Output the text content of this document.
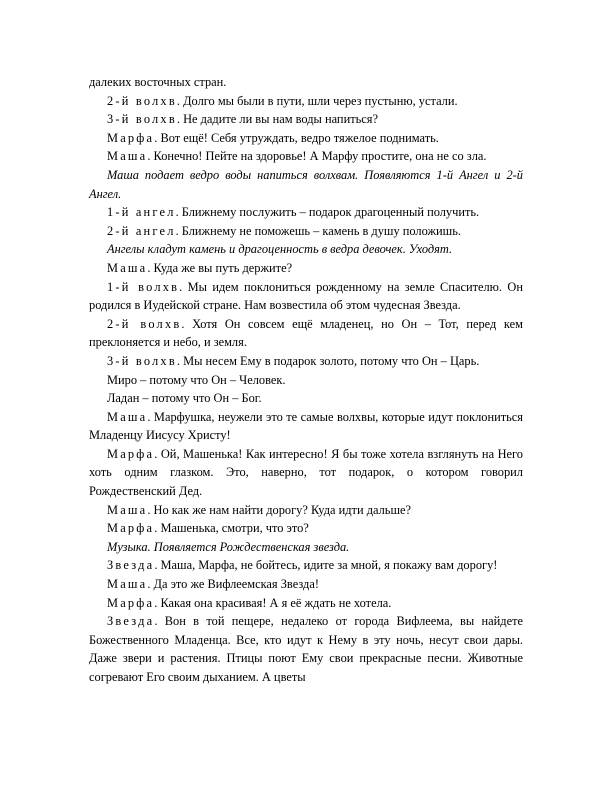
далеких восточных стран.

2-й волхв. Долго мы были в пути, шли через пустыню, устали.

3-й волхв. Не дадите ли вы нам воды напиться?

Марфа. Вот ещё! Себя утруждать, ведро тяжелое поднимать.

Маша. Конечно! Пейте на здоровье! А Марфу простите, она не со зла.

Маша подает ведро воды напиться волхвам. Появляются 1-й Ангел и 2-й Ангел.

1-й ангел. Ближнему послужить – подарок драгоценный получить.

2-й ангел. Ближнему не поможешь – камень в душу положишь.

Ангелы кладут камень и драгоценность в ведра девочек. Уходят.

Маша. Куда же вы путь держите?

1-й волхв. Мы идем поклониться рожденному на земле Спасителю. Он родился в Иудейской стране. Нам возвестила об этом чудесная Звезда.

2-й волхв. Хотя Он совсем ещё младенец, но Он – Тот, перед кем преклоняется и небо, и земля.

3-й волхв. Мы несем Ему в подарок золото, потому что Он – Царь.

Миро – потому что Он – Человек.

Ладан – потому что Он – Бог.

Маша. Марфушка, неужели это те самые волхвы, которые идут поклониться Младенцу Иисусу Христу!

Марфа. Ой, Машенька! Как интересно! Я бы тоже хотела взглянуть на Него хоть одним глазком. Это, наверно, тот подарок, о котором говорил Рождественский Дед.

Маша. Но как же нам найти дорогу? Куда идти дальше?

Марфа. Машенька, смотри, что это?

Музыка. Появляется Рождественская звезда.

Звезда. Маша, Марфа, не бойтесь, идите за мной, я покажу вам дорогу!

Маша. Да это же Вифлеемская Звезда!

Марфа. Какая она красивая! А я её ждать не хотела.

Звезда. Вон в той пещере, недалеко от города Вифлеема, вы найдете Божественного Младенца. Все, кто идут к Нему в эту ночь, несут свои дары. Даже звери и растения. Птицы поют Ему свои прекрасные песни. Животные согревают Его своим дыханием. А цветы
